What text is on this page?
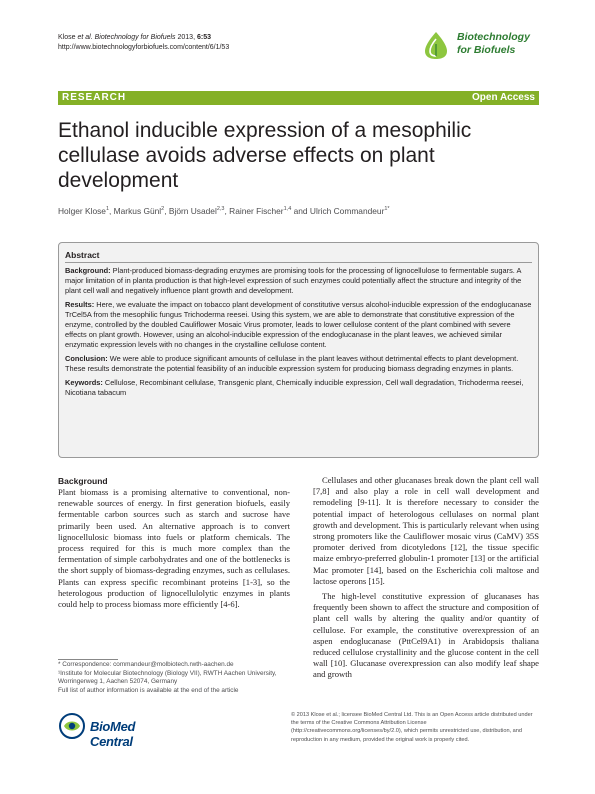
Klose et al. Biotechnology for Biofuels 2013, 6:53
http://www.biotechnologyforbiofuels.com/content/6/1/53
Biotechnology
for Biofuels
RESEARCH	Open Access
Ethanol inducible expression of a mesophilic cellulase avoids adverse effects on plant development
Holger Klose$^1$, Markus Günl$^2$, Björn Usadel$^{2,3}$, Rainer Fischer$^{1,4}$ and Ulrich Commandeur$^{1*}$
Abstract

Background: Plant-produced biomass-degrading enzymes are promising tools for the processing of lignocellulose to fermentable sugars. A major limitation of in planta production is that high-level expression of such enzymes could potentially affect the structure and integrity of the plant cell wall and negatively influence plant growth and development.

Results: Here, we evaluate the impact on tobacco plant development of constitutive versus alcohol-inducible expression of the endoglucanase TrCel5A from the mesophilic fungus Trichoderma reesei. Using this system, we are able to demonstrate that constitutive expression of the enzyme, controlled by the doubled Cauliflower Mosaic Virus promoter, leads to lower cellulose content of the plant combined with severe effects on plant growth. However, using an alcohol-inducible expression of the endoglucanase in the plant leaves, we achieved similar enzymatic expression levels with no changes in the crystalline cellulose content.

Conclusion: We were able to produce significant amounts of cellulase in the plant leaves without detrimental effects to plant development. These results demonstrate the potential feasibility of an inducible expression system for producing biomass degrading enzymes in plants.

Keywords: Cellulose, Recombinant cellulase, Transgenic plant, Chemically inducible expression, Cell wall degradation, Trichoderma reesei, Nicotiana tabacum

Background

Plant biomass is a promising alternative to conventional, non-renewable sources of energy. In first generation biofuels, easily fermentable carbon sources such as starch and sucrose have primarily been used. An alternative approach is to convert lignocellulosic biomass into fuels or platform chemicals. The process required for this is much more complex than the fermentation of simple carbohydrates and one of the bottlenecks is the short supply of biomass-degrading enzymes, such as cellulases. Plants can express specific recombinant proteins [1-3], so the heterologous production of lignocellulolytic enzymes in plants could help to process biomass more efficiently [4-6].

Cellulases and other glucanases break down the plant cell wall [7,8] and also play a role in cell wall development and remodeling [9-11]. It is therefore necessary to consider the potential impact of heterologous cellulases on normal plant growth and development. This is particularly relevant when using strong promoters like the Cauliflower mosaic virus (CaMV) 35S promoter derived from dicotyledons [12], the tissue specific maize embryo-preferred globulin-1 promoter [13] or the artificial Mac promoter [14], based on the Escherichia coli maltose and lactose operons [15].

The high-level constitutive expression of glucanases has frequently been shown to affect the structure and composition of plant cell walls by altering the quality and/or quantity of cellulose. For example, the constitutive overexpression of an aspen endoglucanase (PttCel9A1) in Arabidopsis thaliana reduced cellulose crystallinity and the glucose content in the cell wall [10]. Glucanase overexpression can also modify leaf shape and growth

* Correspondence: commandeur@molbiotech.rwth-aachen.de
¹Institute for Molecular Biotechnology (Biology VII), RWTH Aachen University, Worringerweg 1, Aachen 52074, Germany
Full list of author information is available at the end of the article
BioMed Central
© 2013 Klose et al.; licensee BioMed Central Ltd. This is an Open Access article distributed under the terms of the Creative Commons Attribution License (http://creativecommons.org/licenses/by/2.0), which permits unrestricted use, distribution, and reproduction in any medium, provided the original work is properly cited.
